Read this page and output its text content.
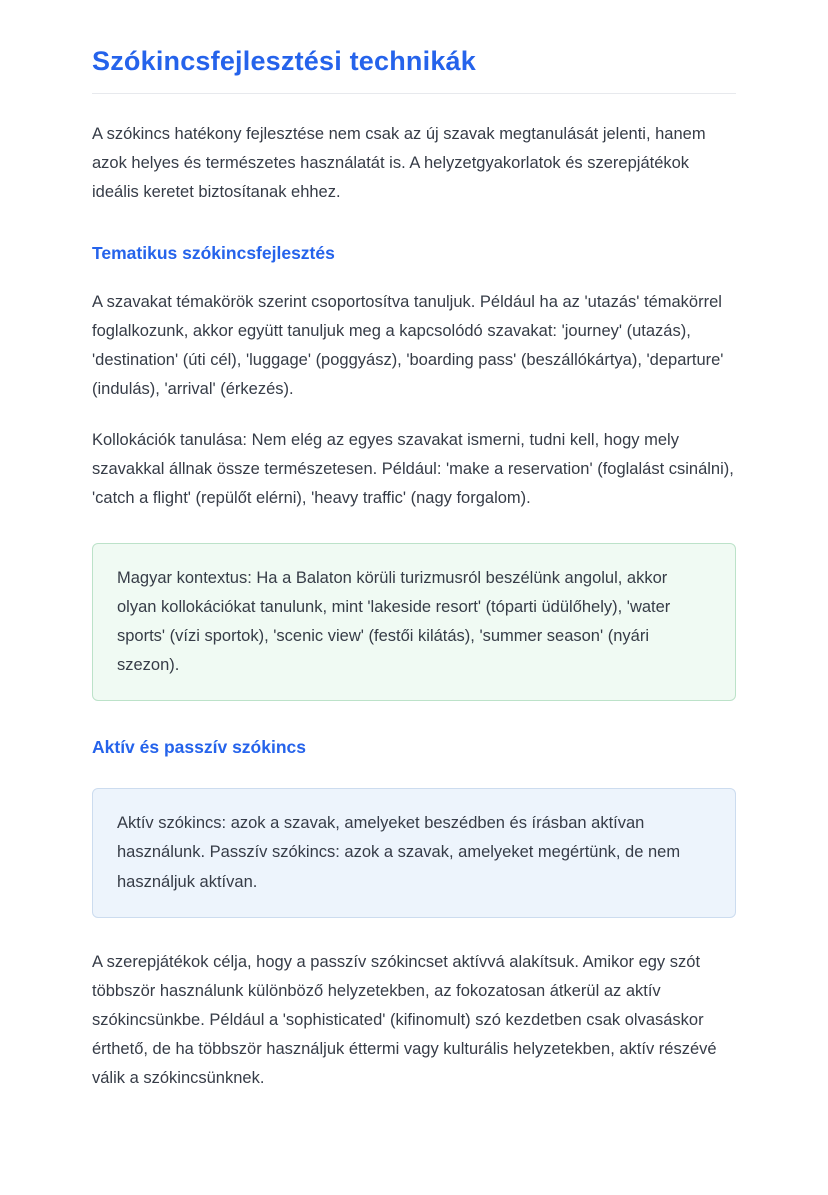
Szókincsfejlesztési technikák

A szókincs hatékony fejlesztése nem csak az új szavak megtanulását jelenti, hanem azok helyes és természetes használatát is. A helyzetgyakorlatok és szerepjátékok ideális keretet biztosítanak ehhez.

Tematikus szókincsfejlesztés

A szavakat témakörök szerint csoportosítva tanuljuk. Például ha az 'utazás' témakörrel foglalkozunk, akkor együtt tanuljuk meg a kapcsolódó szavakat: 'journey' (utazás), 'destination' (úti cél), 'luggage' (poggyász), 'boarding pass' (beszállókártya), 'departure' (indulás), 'arrival' (érkezés).

Kollokációk tanulása: Nem elég az egyes szavakat ismerni, tudni kell, hogy mely szavakkal állnak össze természetesen. Például: 'make a reservation' (foglalást csinálni), 'catch a flight' (repülőt elérni), 'heavy traffic' (nagy forgalom).

Magyar kontextus: Ha a Balaton körüli turizmusról beszélünk angolul, akkor olyan kollokációkat tanulunk, mint 'lakeside resort' (tóparti üdülőhely), 'water sports' (vízi sportok), 'scenic view' (festői kilátás), 'summer season' (nyári szezon).
Aktív és passzív szókincs
Aktív szókincs: azok a szavak, amelyeket beszédben és írásban aktívan használunk. Passzív szókincs: azok a szavak, amelyeket megértünk, de nem használjuk aktívan.

A szerepjátékok célja, hogy a passzív szókincset aktívvá alakítsuk. Amikor egy szót többször használunk különböző helyzetekben, az fokozatosan átkerül az aktív szókincsünkbe. Például a 'sophisticated' (kifinomult) szó kezdetben csak olvasáskor érthető, de ha többször használjuk éttermi vagy kulturális helyzetekben, aktív részévé válik a szókincsünknek.
